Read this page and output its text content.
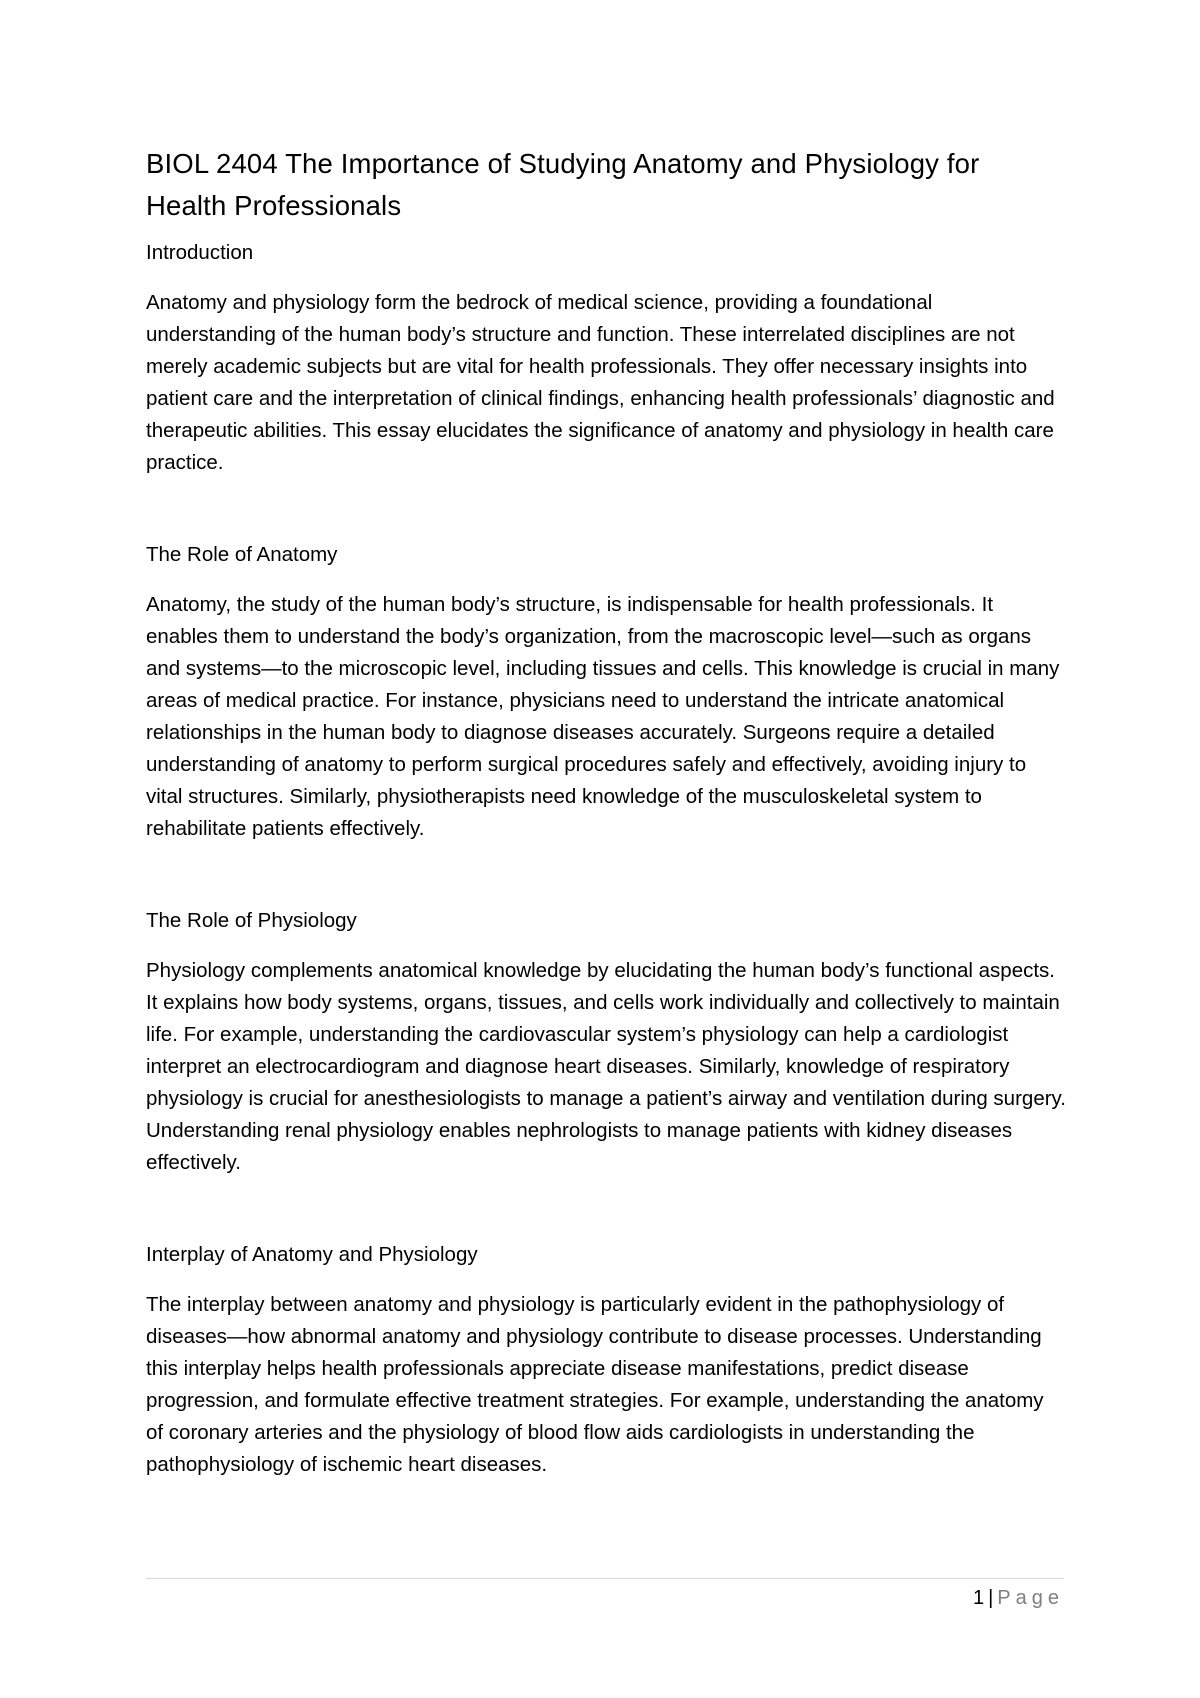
BIOL 2404 The Importance of Studying Anatomy and Physiology for Health Professionals
Introduction

Anatomy and physiology form the bedrock of medical science, providing a foundational understanding of the human body’s structure and function. These interrelated disciplines are not merely academic subjects but are vital for health professionals. They offer necessary insights into patient care and the interpretation of clinical findings, enhancing health professionals’ diagnostic and therapeutic abilities. This essay elucidates the significance of anatomy and physiology in health care practice.

The Role of Anatomy

Anatomy, the study of the human body’s structure, is indispensable for health professionals. It enables them to understand the body’s organization, from the macroscopic level—such as organs and systems—to the microscopic level, including tissues and cells. This knowledge is crucial in many areas of medical practice. For instance, physicians need to understand the intricate anatomical relationships in the human body to diagnose diseases accurately. Surgeons require a detailed understanding of anatomy to perform surgical procedures safely and effectively, avoiding injury to vital structures. Similarly, physiotherapists need knowledge of the musculoskeletal system to rehabilitate patients effectively.

The Role of Physiology

Physiology complements anatomical knowledge by elucidating the human body’s functional aspects. It explains how body systems, organs, tissues, and cells work individually and collectively to maintain life. For example, understanding the cardiovascular system’s physiology can help a cardiologist interpret an electrocardiogram and diagnose heart diseases. Similarly, knowledge of respiratory physiology is crucial for anesthesiologists to manage a patient’s airway and ventilation during surgery. Understanding renal physiology enables nephrologists to manage patients with kidney diseases effectively.

Interplay of Anatomy and Physiology

The interplay between anatomy and physiology is particularly evident in the pathophysiology of diseases—how abnormal anatomy and physiology contribute to disease processes. Understanding this interplay helps health professionals appreciate disease manifestations, predict disease progression, and formulate effective treatment strategies. For example, understanding the anatomy of coronary arteries and the physiology of blood flow aids cardiologists in understanding the pathophysiology of ischemic heart diseases.

1 | Page
